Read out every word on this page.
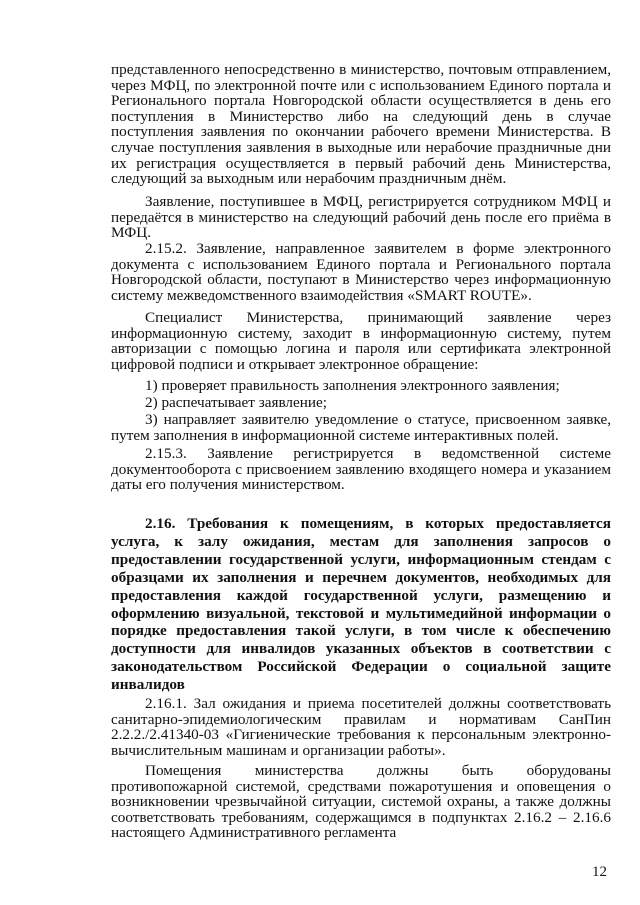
представленного непосредственно в министерство, почтовым отправлением, через МФЦ, по электронной почте или с использованием Единого портала и Регионального портала Новгородской области осуществляется в день его поступления в Министерство либо на следующий день в случае поступления заявления по окончании рабочего времени Министерства. В случае поступления заявления в выходные или нерабочие праздничные дни их регистрация осуществляется в первый рабочий день Министерства, следующий за выходным или нерабочим праздничным днём.

Заявление, поступившее в МФЦ, регистрируется сотрудником МФЦ и передаётся в министерство на следующий рабочий день после его приёма в МФЦ.

2.15.2. Заявление, направленное заявителем в форме электронного документа с использованием Единого портала и Регионального портала Новгородской области, поступают в Министерство через информационную систему межведомственного взаимодействия «SMART ROUTE».

Специалист Министерства, принимающий заявление через информационную систему, заходит в информационную систему, путем авторизации с помощью логина и пароля или сертификата электронной цифровой подписи и открывает электронное обращение:

1) проверяет правильность заполнения электронного заявления;

2) распечатывает заявление;

3) направляет заявителю уведомление о статусе, присвоенном заявке, путем заполнения в информационной системе интерактивных полей.

2.15.3. Заявление регистрируется в ведомственной системе документооборота с присвоением заявлению входящего номера и указанием даты его получения министерством.

2.16. Требования к помещениям, в которых предоставляется услуга, к залу ожидания, местам для заполнения запросов о предоставлении государственной услуги, информационным стендам с образцами их заполнения и перечнем документов, необходимых для предоставления каждой государственной услуги, размещению и оформлению визуальной, текстовой и мультимедийной информации о порядке предоставления такой услуги, в том числе к обеспечению доступности для инвалидов указанных объектов в соответствии с законодательством Российской Федерации о социальной защите инвалидов

2.16.1. Зал ожидания и приема посетителей должны соответствовать санитарно-эпидемиологическим правилам и нормативам СанПин 2.2.2./2.41340-03 «Гигиенические требования к персональным электронно-вычислительным машинам и организации работы».

Помещения министерства должны быть оборудованы противопожарной системой, средствами пожаротушения и оповещения о возникновении чрезвычайной ситуации, системой охраны, а также должны соответствовать требованиям, содержащимся в подпунктах 2.16.2 – 2.16.6 настоящего Административного регламента

12
